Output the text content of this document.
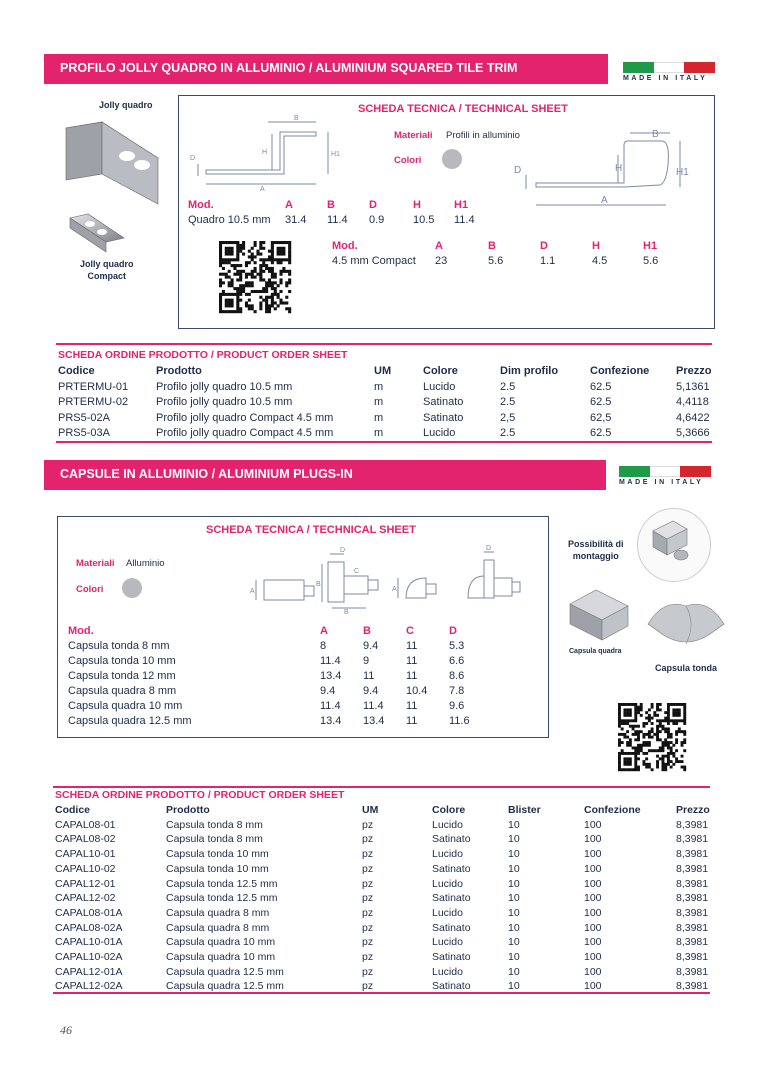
PROFILO JOLLY QUADRO IN ALLUMINIO / ALUMINIUM SQUARED TILE TRIM
MADE IN ITALY
Jolly quadro
Jolly quadro
Compact
SCHEDA TECNICA / TECHNICAL SHEET
Materiali Profili in alluminio
Colori
A
B
H	H1
D
A
B
H	H1
D
Mod.	A	B	D	H	H1
Quadro 10.5 mm 31.4 11.4 0.9	10.5 11.4
Mod.	A	B	D	H	H1
4.5 mm Compact 23	5.6	1.1	4.5	5.6
SCHEDA ORDINE PRODOTTO / PRODUCT ORDER SHEET
Codice	Prodotto	UM	Colore	Dim profilo	Confezione Prezzo
PRTERMU-01	Profilo jolly quadro 10.5 mm	m	Lucido	2.5	62.5	5,1361
PRTERMU-02	Profilo jolly quadro 10.5 mm	m	Satinato	2.5	62.5	4,4118
PRS5-02A	Profilo jolly quadro Compact 4.5 mm	m	Satinato	2,5	62,5	4,6422
PRS5-03A	Profilo jolly quadro Compact 4.5 mm	m	Lucido	2.5	62.5	5,3666
CAPSULE IN ALLUMINIO / ALUMINIUM PLUGS-IN
MADE IN ITALY
SCHEDA TECNICA / TECHNICAL SHEET
Materiali Alluminio
Colori	A
D
C
B
B
A
D
Mod.	A	B	C	D
Capsula tonda 8 mm	8	9.4	11	5.3
Capsula tonda 10 mm	11.4 9	11	6.6
Capsula tonda 12 mm	13.4 11	11	8.6
Capsula quadra 8 mm	9.4	9.4	10.4 7.8
Capsula quadra 10 mm	11.4 11.4 11	9.6
Capsula quadra 12.5 mm	13.4 13.4 11	11.6
Possibilità di
montaggio
Capsula quadra
Capsula tonda
SCHEDA ORDINE PRODOTTO / PRODUCT ORDER SHEET
Codice	Prodotto	UM	Colore	Blister	Confezione	Prezzo
CAPAL08-01	Capsula tonda 8 mm	pz	Lucido	10	100	8,3981
CAPAL08-02	Capsula tonda 8 mm	pz	Satinato	10	100	8,3981
CAPAL10-01	Capsula tonda 10 mm	pz	Lucido	10	100	8,3981
CAPAL10-02	Capsula tonda 10 mm	pz	Satinato	10	100	8,3981
CAPAL12-01	Capsula tonda 12.5 mm	pz	Lucido	10	100	8,3981
CAPAL12-02	Capsula tonda 12.5 mm	pz	Satinato	10	100	8,3981
CAPAL08-01A	Capsula quadra 8 mm	pz	Lucido	10	100	8,3981
CAPAL08-02A	Capsula quadra 8 mm	pz	Satinato	10	100	8,3981
CAPAL10-01A	Capsula quadra 10 mm	pz	Lucido	10	100	8,3981
CAPAL10-02A	Capsula quadra 10 mm	pz	Satinato	10	100	8,3981
CAPAL12-01A	Capsula quadra 12.5 mm	pz	Lucido	10	100	8,3981
CAPAL12-02A	Capsula quadra 12.5 mm	pz	Satinato	10	100	8,3981
46
